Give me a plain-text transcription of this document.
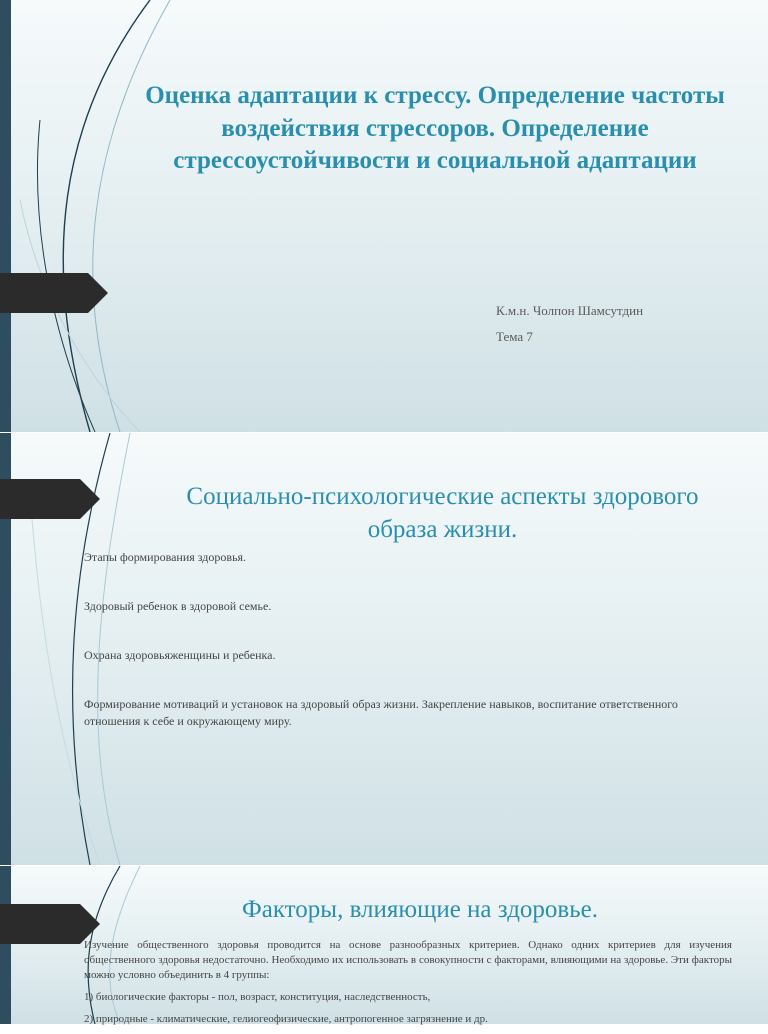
Оценка адаптации к стрессу. Определение частоты воздействия стрессоров. Определение стрессоустойчивости и социальной адаптации
К.м.н. Чолпон Шамсутдин
Тема 7
Социально-психологические аспекты здорового образа жизни.
Этапы формирования здоровья.
Здоровый ребенок в здоровой семье.
Охрана здоровьяженщины и ребенка.
Формирование мотиваций и установок на здоровый образ жизни. Закрепление навыков, воспитание ответственного отношения к себе и окружающему миру.
Факторы, влияющие на здоровье.
Изучение общественного здоровья проводится на основе разнообразных критериев. Однако одних критериев для изучения общественного здоровья недостаточно. Необходимо их использовать в совокупности с факторами, влияющими на здоровье. Эти факторы можно условно объединить в 4 группы:
1) биологические факторы - пол, возраст, конституция, наследственность,
2) природные - климатические, гелиогеофизические, антропогенное загрязнение и др.
